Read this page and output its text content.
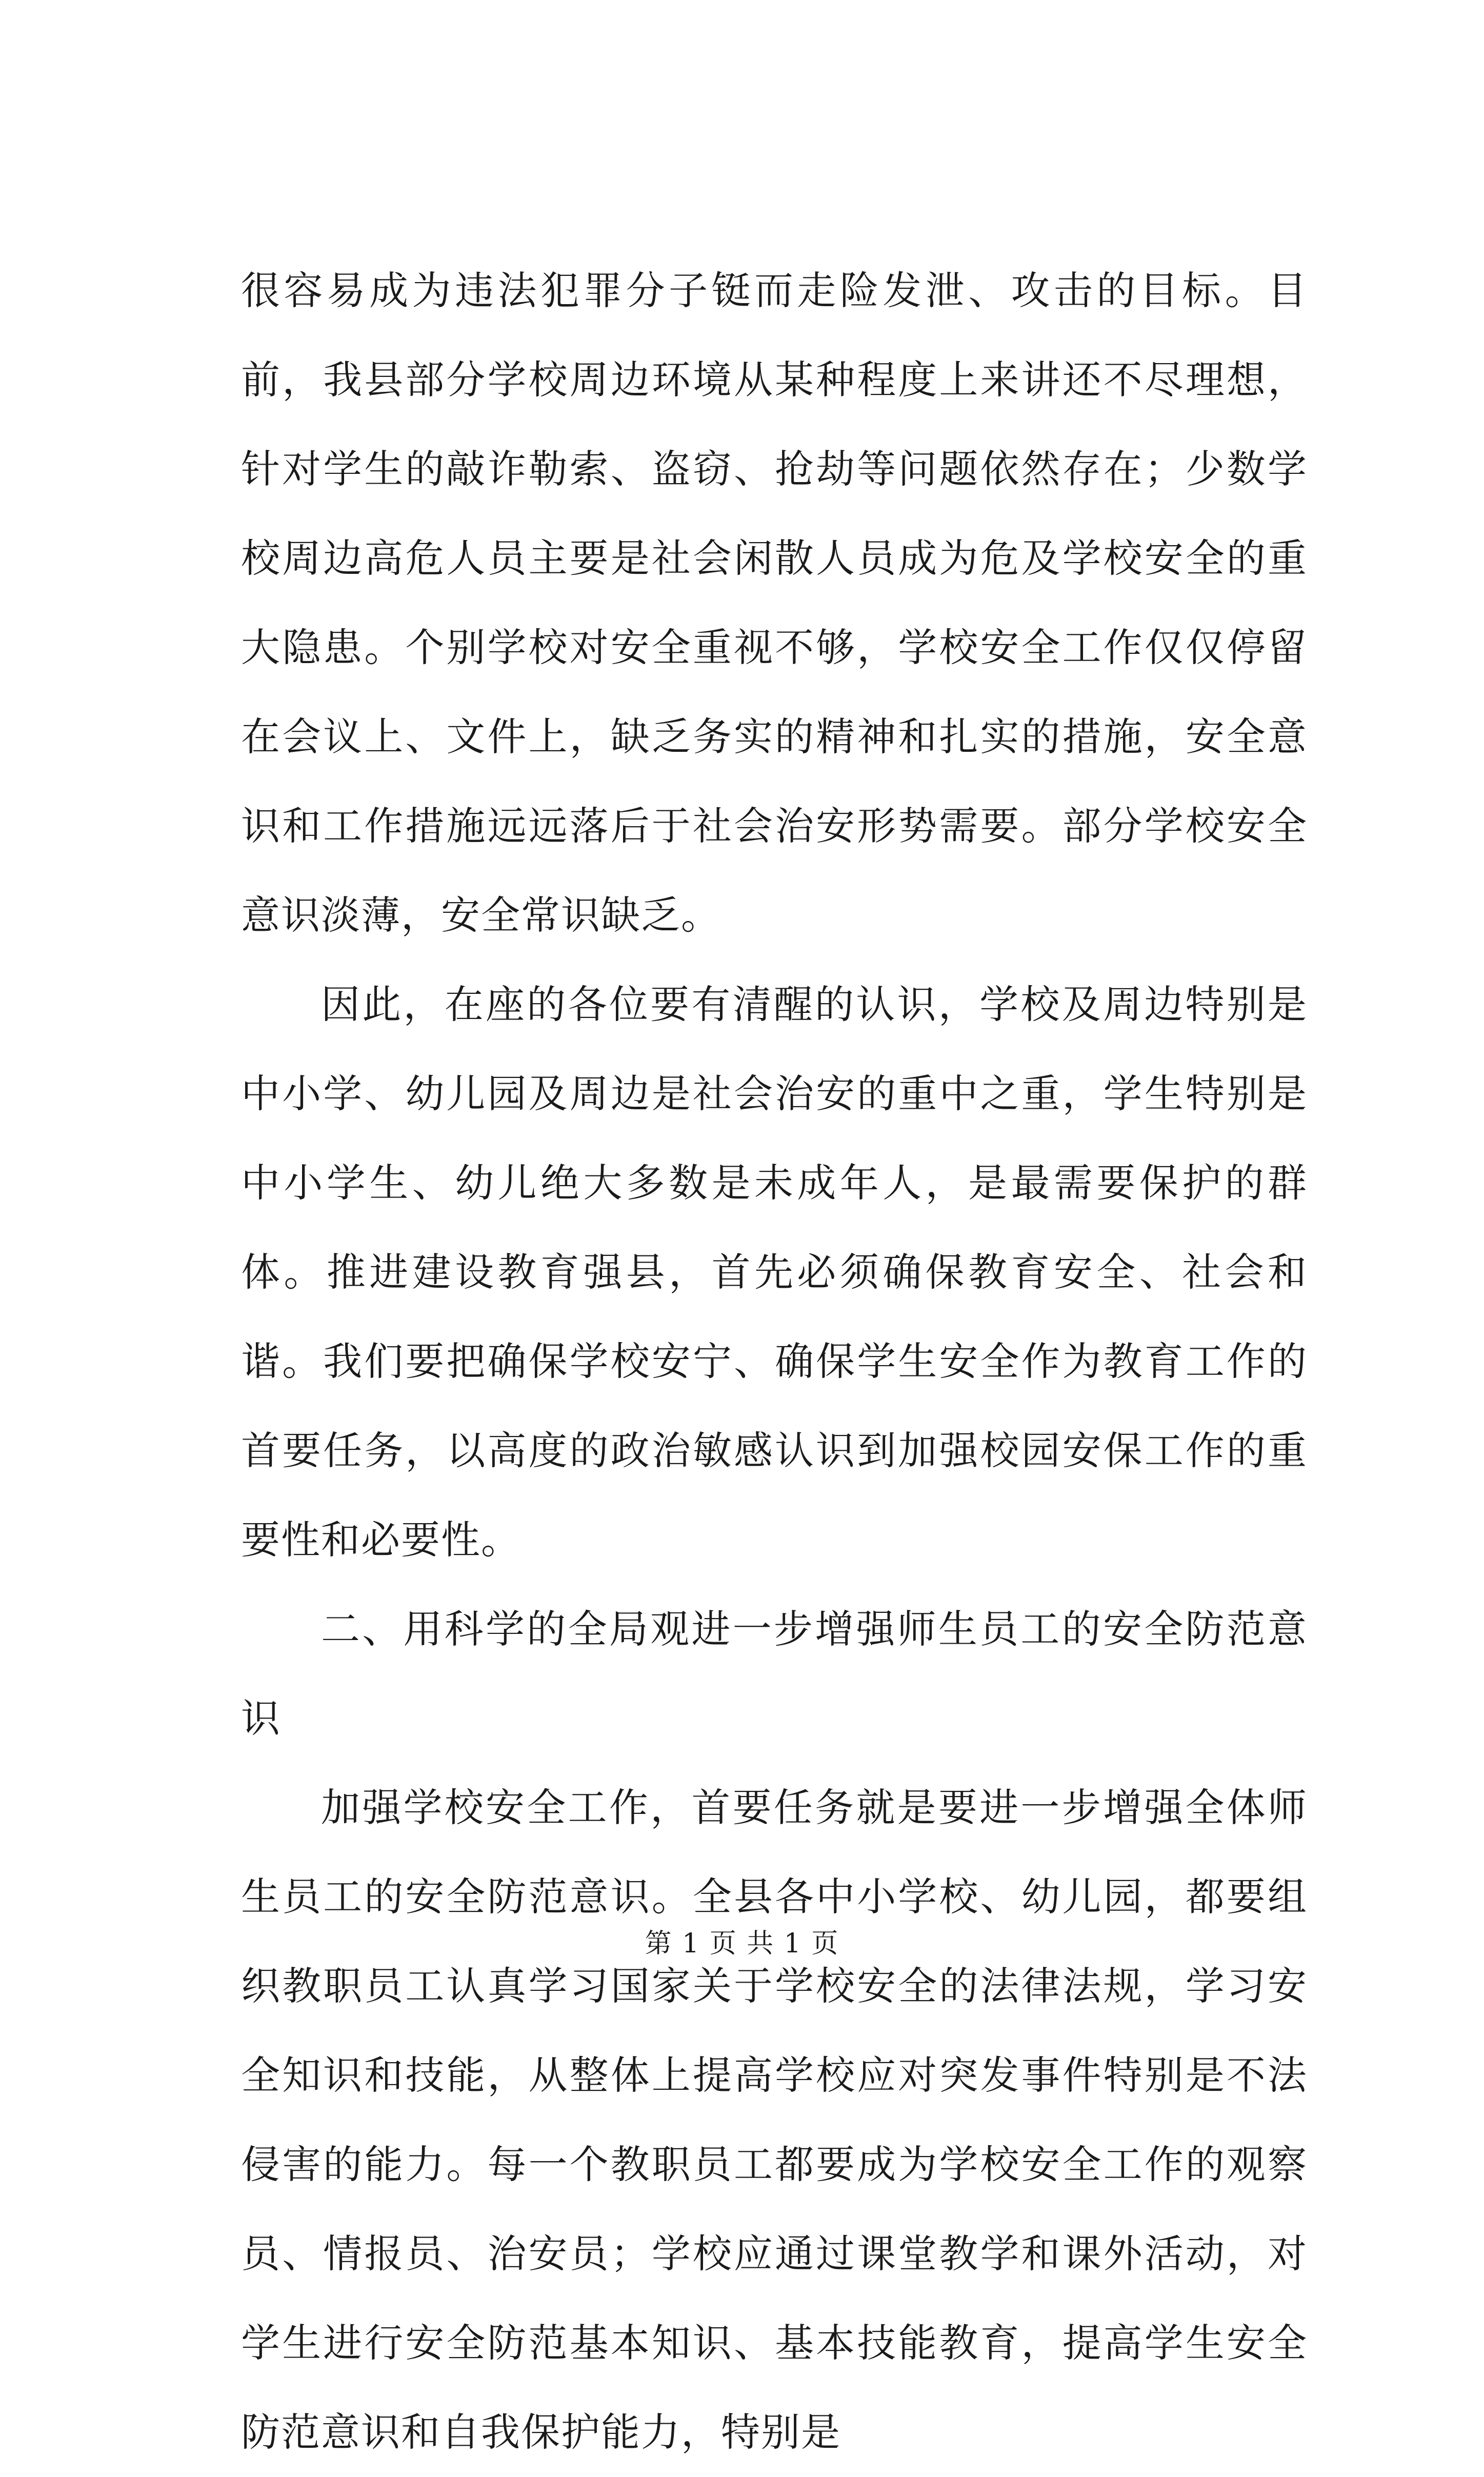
很容易成为违法犯罪分子铤而走险发泄、攻击的目标。目前，我县部分学校周边环境从某种程度上来讲还不尽理想，针对学生的敲诈勒索、盗窃、抢劫等问题依然存在；少数学校周边高危人员主要是社会闲散人员成为危及学校安全的重大隐患。个别学校对安全重视不够，学校安全工作仅仅停留在会议上、文件上，缺乏务实的精神和扎实的措施，安全意识和工作措施远远落后于社会治安形势需要。部分学校安全意识淡薄，安全常识缺乏。

因此，在座的各位要有清醒的认识，学校及周边特别是中小学、幼儿园及周边是社会治安的重中之重，学生特别是中小学生、幼儿绝大多数是未成年人，是最需要保护的群体。推进建设教育强县，首先必须确保教育安全、社会和谐。我们要把确保学校安宁、确保学生安全作为教育工作的首要任务，以高度的政治敏感认识到加强校园安保工作的重要性和必要性。

二、用科学的全局观进一步增强师生员工的安全防范意识

加强学校安全工作，首要任务就是要进一步增强全体师生员工的安全防范意识。全县各中小学校、幼儿园，都要组织教职员工认真学习国家关于学校安全的法律法规，学习安全知识和技能，从整体上提高学校应对突发事件特别是不法侵害的能力。每一个教职员工都要成为学校安全工作的观察员、情报员、治安员；学校应通过课堂教学和课外活动，对学生进行安全防范基本知识、基本技能教育，提高学生安全防范意识和自我保护能力，特别是

第 1 页 共 1 页
